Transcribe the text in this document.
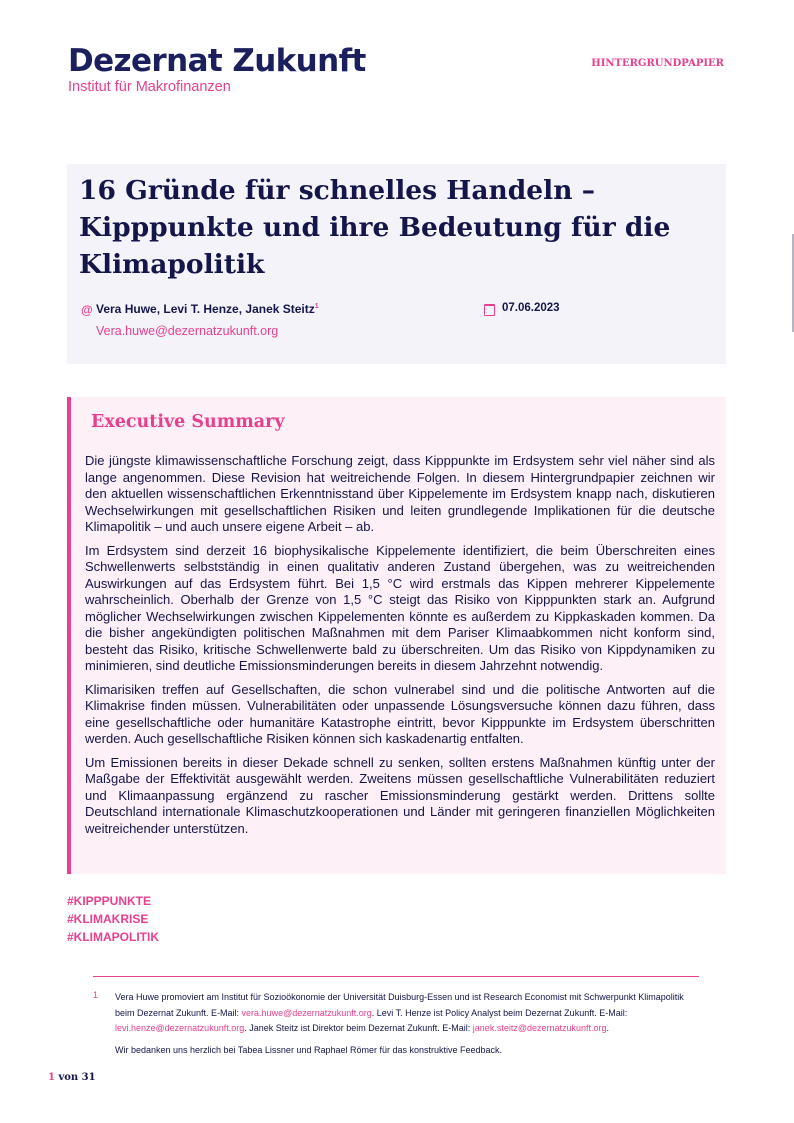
Dezernat Zukunft
Institut für Makrofinanzen
HINTERGRUNDPAPIER
16 Gründe für schnelles Handeln – Kipppunkte und ihre Bedeutung für die Klimapolitik
@ Vera Huwe, Levi T. Henze, Janek Steitz$^1$
Vera.huwe@dezernatzukunft.org
07.06.2023
Executive Summary

Die jüngste klimawissenschaftliche Forschung zeigt, dass Kipppunkte im Erdsystem sehr viel näher sind als lange angenommen. Diese Revision hat weitreichende Folgen. In diesem Hintergrundpapier zeichnen wir den aktuellen wissenschaftlichen Erkenntnisstand über Kippelemente im Erdsystem knapp nach, diskutieren Wechselwirkungen mit gesellschaftlichen Risiken und leiten grundlegende Implikationen für die deutsche Klimapolitik – und auch unsere eigene Arbeit – ab.

Im Erdsystem sind derzeit 16 biophysikalische Kippelemente identifiziert, die beim Überschreiten eines Schwellenwerts selbstständig in einen qualitativ anderen Zustand übergehen, was zu weitreichenden Auswirkungen auf das Erdsystem führt. Bei 1,5 °C wird erstmals das Kippen mehrerer Kippelemente wahrscheinlich. Oberhalb der Grenze von 1,5 °C steigt das Risiko von Kipppunkten stark an. Aufgrund möglicher Wechselwirkungen zwischen Kippelementen könnte es außerdem zu Kippkaskaden kommen. Da die bisher angekündigten politischen Maßnahmen mit dem Pariser Klimaabkommen nicht konform sind, besteht das Risiko, kritische Schwellenwerte bald zu überschreiten. Um das Risiko von Kippdynamiken zu minimieren, sind deutliche Emissionsminderungen bereits in diesem Jahrzehnt notwendig.

Klimarisiken treffen auf Gesellschaften, die schon vulnerabel sind und die politische Antworten auf die Klimakrise finden müssen. Vulnerabilitäten oder unpassende Lösungsversuche können dazu führen, dass eine gesellschaftliche oder humanitäre Katastrophe eintritt, bevor Kipppunkte im Erdsystem überschritten werden. Auch gesellschaftliche Risiken können sich kaskadenartig entfalten.

Um Emissionen bereits in dieser Dekade schnell zu senken, sollten erstens Maßnahmen künftig unter der Maßgabe der Effektivität ausgewählt werden. Zweitens müssen gesellschaftliche Vulnerabilitäten reduziert und Klimaanpassung ergänzend zu rascher Emissionsminderung gestärkt werden. Drittens sollte Deutschland internationale Klimaschutzkooperationen und Länder mit geringeren finanziellen Möglichkeiten weitreichender unterstützen.

#KIPPPUNKTE
#KLIMAKRISE
#KLIMAPOLITIK
1 Vera Huwe promoviert am Institut für Sozioökonomie der Universität Duisburg-Essen und ist Research Economist mit Schwerpunkt Klimapolitik beim Dezernat Zukunft. E-Mail: vera.huwe@dezernatzukunft.org. Levi T. Henze ist Policy Analyst beim Dezernat Zukunft. E-Mail: levi.henze@dezernatzukunft.org. Janek Steitz ist Direktor beim Dezernat Zukunft. E-Mail: janek.steitz@dezernatzukunft.org.
Wir bedanken uns herzlich bei Tabea Lissner und Raphael Römer für das konstruktive Feedback.
1 von 31
